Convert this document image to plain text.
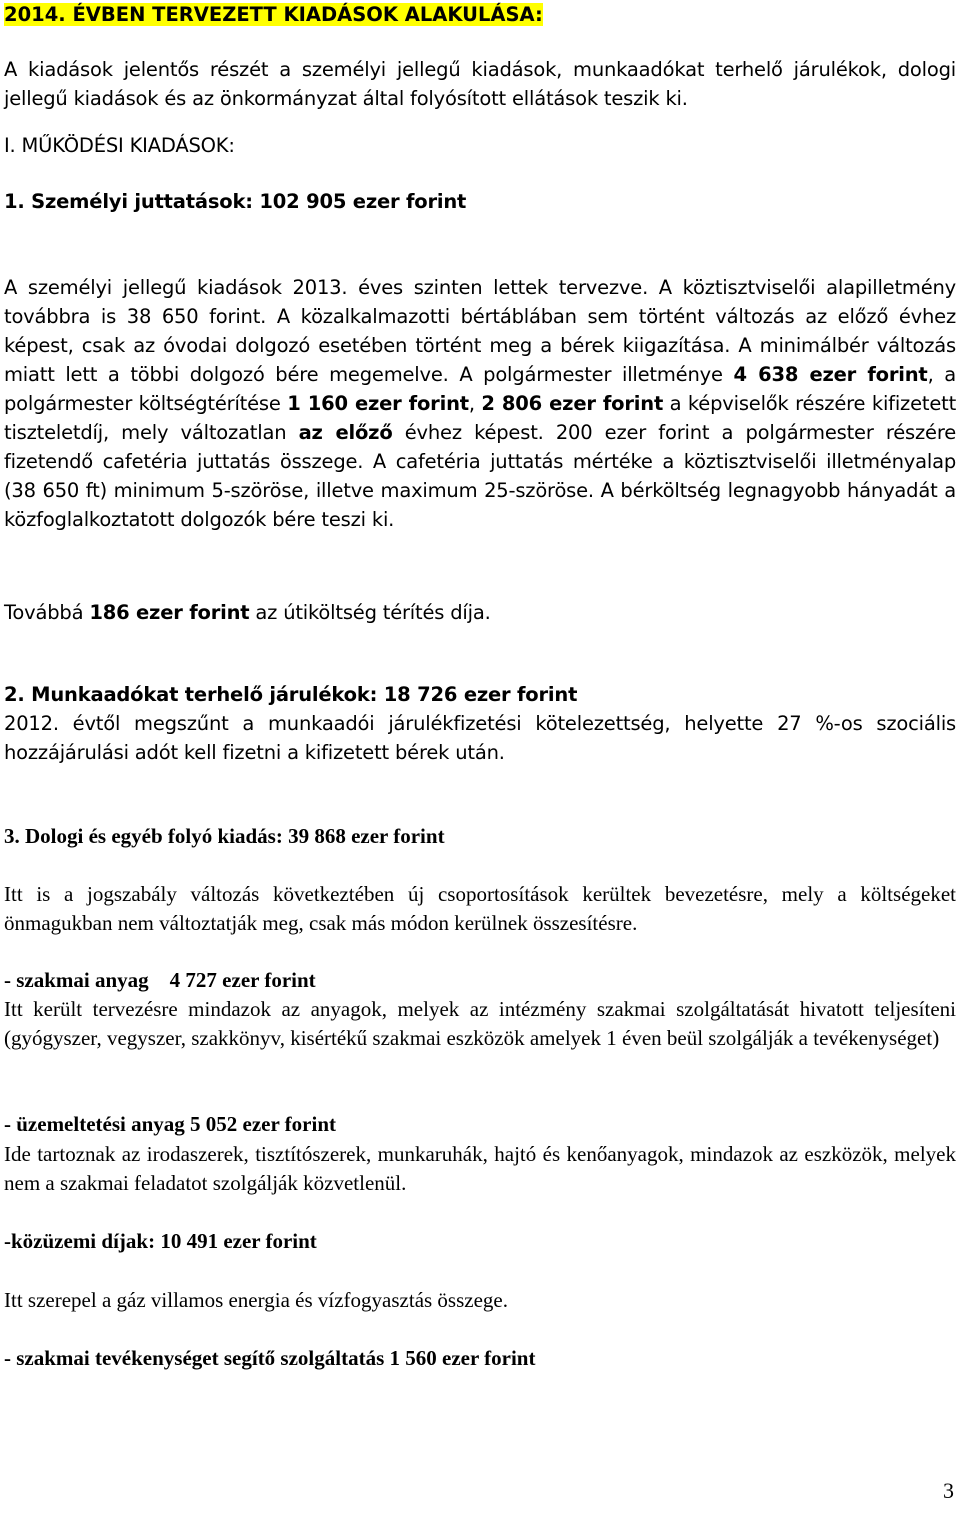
2014. ÉVBEN TERVEZETT KIADÁSOK ALAKULÁSA:

A kiadások jelentős részét a személyi jellegű kiadások, munkaadókat terhelő járulékok, dologi jellegű kiadások és az önkormányzat által folyósított ellátások teszik ki.

I. MŰKÖDÉSI KIADÁSOK:

1. Személyi juttatások: 102 905 ezer forint

A személyi jellegű kiadások 2013. éves szinten lettek tervezve. A köztisztviselői alapilletmény továbbra is 38 650 forint. A közalkalmazotti bértáblában sem történt változás az előző évhez képest, csak az óvodai dolgozó esetében történt meg a bérek kiigazítása. A minimálbér változás miatt lett a többi dolgozó bére megemelve. A polgármester illetménye 4 638 ezer forint, a polgármester költségtérítése 1 160 ezer forint, 2 806 ezer forint a képviselők részére kifizetett tiszteletdíj, mely változatlan az előző évhez képest. 200 ezer forint a polgármester részére fizetendő cafetéria juttatás összege. A cafetéria juttatás mértéke a köztisztviselői illetményalap (38 650 ft) minimum 5-szöröse, illetve maximum 25-szöröse. A bérköltség legnagyobb hányadát a közfoglalkoztatott dolgozók bére teszi ki.

Továbbá 186 ezer forint az útiköltség térítés díja.

2. Munkaadókat terhelő járulékok: 18 726 ezer forint

2012. évtől megszűnt a munkaadói járulékfizetési kötelezettség, helyette 27 %-os szociális hozzájárulási adót kell fizetni a kifizetett bérek után.

3. Dologi és egyéb folyó kiadás: 39 868 ezer forint

Itt is a jogszabály változás következtében új csoportosítások kerültek bevezetésre, mely a költségeket önmagukban nem változtatják meg, csak más módon kerülnek összesítésre.

- szakmai anyag    4 727 ezer forint

Itt került tervezésre mindazok az anyagok, melyek az intézmény szakmai szolgáltatását hivatott teljesíteni (gyógyszer, vegyszer, szakkönyv, kisértékű szakmai eszközök amelyek 1 éven beül szolgálják a tevékenységet)

- üzemeltetési anyag 5 052 ezer forint

Ide tartoznak az irodaszerek, tisztítószerek, munkaruhák, hajtó és kenőanyagok, mindazok az eszközök, melyek nem a szakmai feladatot szolgálják közvetlenül.

-közüzemi díjak: 10 491 ezer forint

Itt szerepel a gáz villamos energia és vízfogyasztás összege.

- szakmai tevékenységet segítő szolgáltatás 1 560 ezer forint

3
